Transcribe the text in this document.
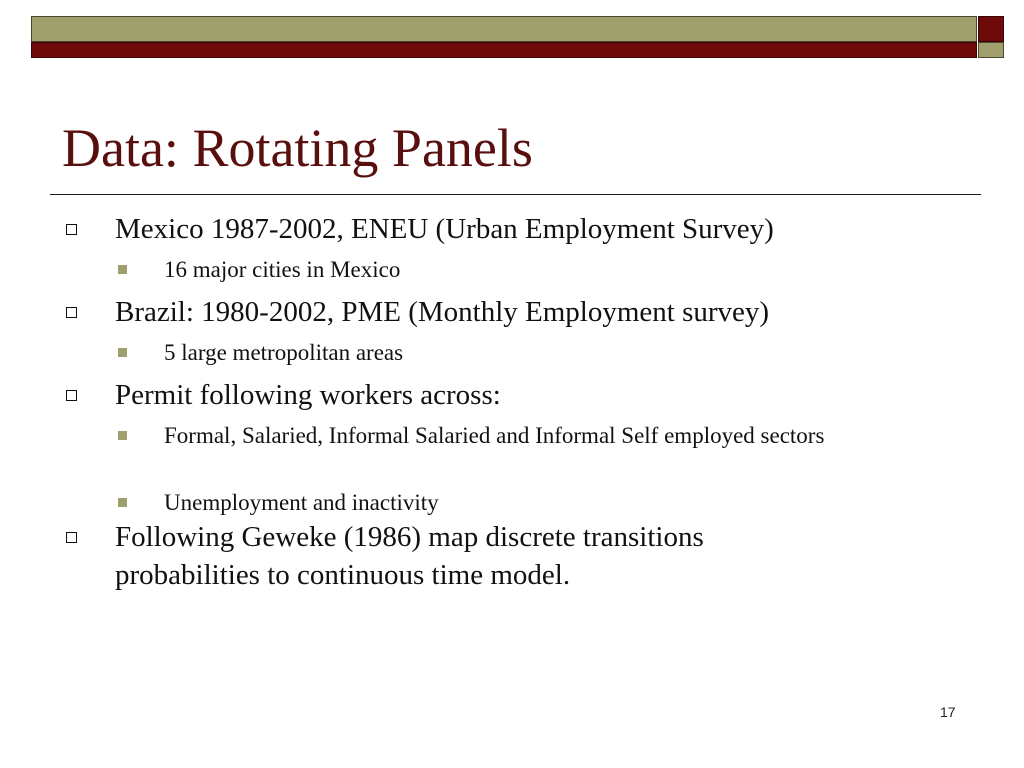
Data: Rotating Panels

Mexico 1987-2002, ENEU (Urban Employment Survey)

16 major cities in Mexico

Brazil: 1980-2002, PME (Monthly Employment survey)

5 large metropolitan areas

Permit following workers across:

Formal, Salaried, Informal Salaried and Informal Self employed sectors

Unemployment and inactivity

Following Geweke (1986) map discrete transitions probabilities to continuous time model.

17
